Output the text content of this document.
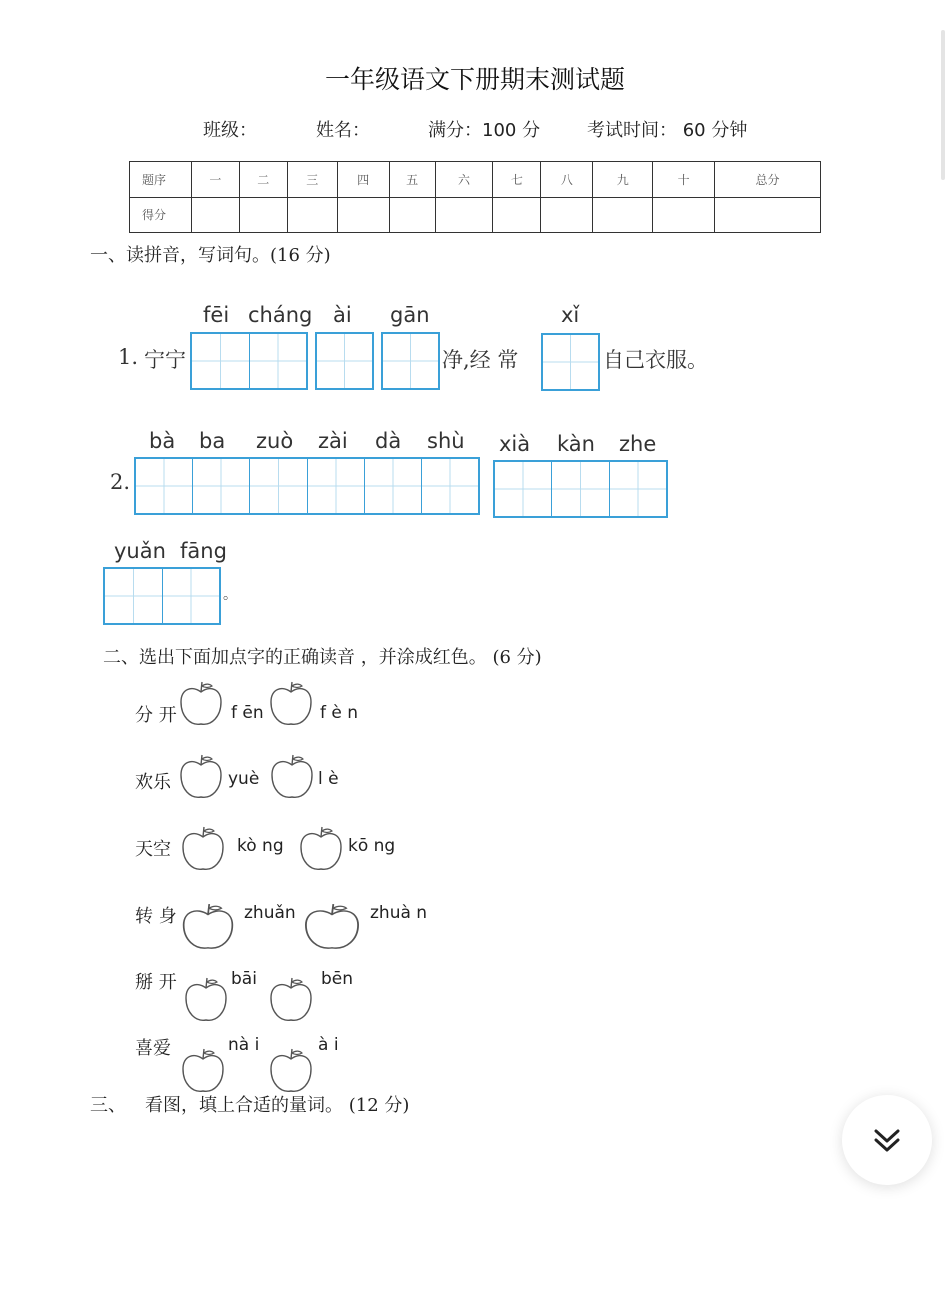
一年级语文下册期末测试题
班级：	姓名：	满分：100 分	考试时间： 60 分钟
题序	一	二	三	四	五	六	七	八	九	十	总分
得分											
一、读拼音，写词句。(16 分)
fēi cháng ài gān	xǐ
1. 宁宁	净,经 常	自己衣服。
bà ba zuò zài dà shù xià kàn zhe
2.
yuǎn fāng
。
二、选出下面加点字的正确读音 ，并涂成红色。 (6 分)
分 开	f ēn	f è n
欢乐	yuè	l è
天空	kò ng	kō ng
转 身	zhuǎn	zhuà n
掰 开	bāi	bēn
喜爱	nà i	à i
三、 看图，填上合适的量词。 (12 分)
